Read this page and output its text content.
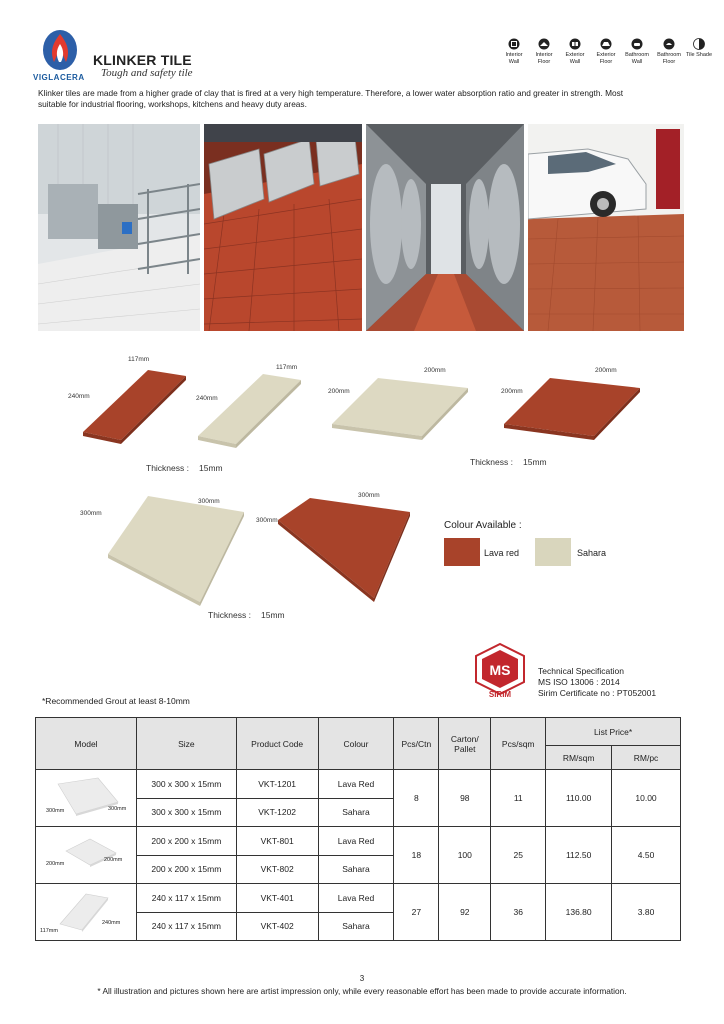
VIGLACERA
KLINKER TILE
Tough and safety tile
Klinker tiles are made from a higher grade of clay that is fired at a very high temperature. Therefore, a lower water absorption ratio and greater in strength. Most suitable for industrial flooring, workshops, kitchens and heavy duty areas.
Interior Wall
Interior Floor
Exterior Wall
Exterior Floor
Bathroom Wall
Bathroom Floor
Tile Shade
117mm
240mm
117mm
240mm
200mm
200mm
200mm
200mm
Thickness : 15mm
Thickness : 15mm
300mm
300mm
300mm
300mm
Thickness : 15mm
Colour Available :
Lava red	Sahara
MS
SIRIM
Technical Specification
MS ISO 13006 : 2014
Sirim Certificate no : PT052001
*Recommended Grout at least 8-10mm
Model	Size	Product Code	Colour	Pcs/Ctn	Carton/ Pallet	Pcs/sqm	List Price*	
							RM/sqm	RM/pc

300mm 300mm	300 x 300 x 15mm	VKT-1201	Lava Red	8	98	11	110.00	10.00
	300 x 300 x 15mm	VKT-1202	Sahara					

200mm
200mm	200 x 200 x 15mm	VKT-801	Lava Red	18	100	25	112.50	4.50
	200 x 200 x 15mm	VKT-802	Sahara					

117mm
240mm	240 x 117 x 15mm	VKT-401	Lava Red	27	92	36	136.80	3.80
	240 x 117 x 15mm	VKT-402	Sahara					
3
* All illustration and pictures shown here are artist impression only, while every reasonable effort has been made to provide accurate information.
